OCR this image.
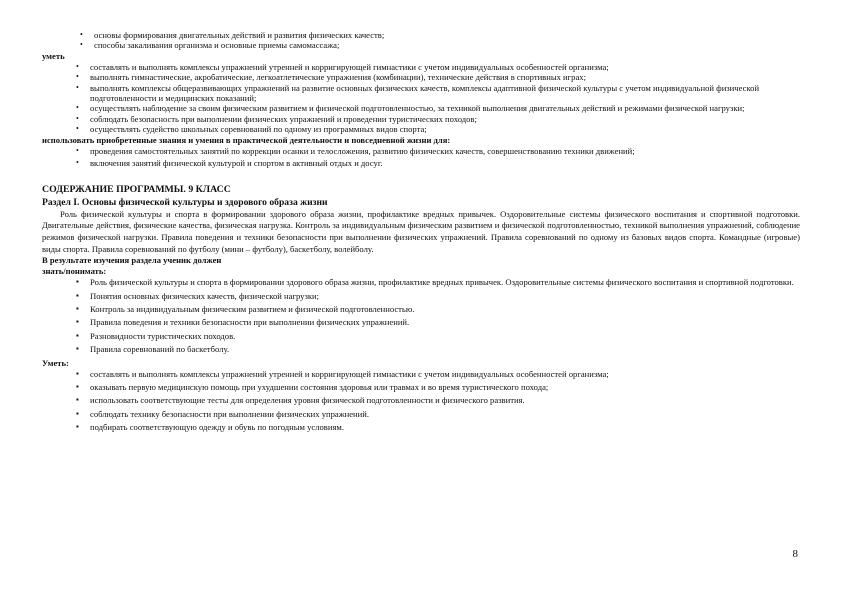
• основы формирования двигательных действий и развития физических качеств;
• способы закаливания организма и основные приемы самомассажа;
уметь
• составлять и выполнять комплексы упражнений утренней и корригирующей гимнастики с учетом индивидуальных особенностей организма;
• выполнять гимнастические, акробатические, легкоатлетические упражнения (комбинации), технические действия в спортивных играх;
• выполнять комплексы общеразвивающих упражнений на развитие основных физических качеств, комплексы адаптивной физической культуры с учетом индивидуальной физической подготовленности и медицинских показаний;
• осуществлять наблюдение за своим физическим развитием и физической подготовленностью, за техникой выполнения двигательных действий и режимами физической нагрузки;
• соблюдать безопасность при выполнении физических упражнений и проведении туристических походов;
• осуществлять судейство школьных соревнований по одному из программных видов спорта;
использовать приобретенные знания и умения в практической деятельности и повседневной жизни для:
• проведения самостоятельных занятий по коррекции осанки и телосложения, развитию физических качеств, совершенствованию техники движений;
• включения занятий физической культурой и спортом в активный отдых и досуг.
СОДЕРЖАНИЕ ПРОГРАММЫ. 9 КЛАСС
Раздел I. Основы физической культуры и здорового образа жизни
Роль физической культуры и спорта в формировании здорового образа жизни, профилактике вредных привычек. Оздоровительные системы физического воспитания и спортивной подготовки. Двигательные действия, физические качества, физическая нагрузка. Контроль за индивидуальным физическим развитием и физической подготовленностью, техникой выполнения упражнений, соблюдение режимов физической нагрузки. Правила поведения и техники безопасности при выполнении физических упражнений. Правила соревнований по одному из базовых видов спорта. Командные (игровые) виды спорта. Правила соревнований по футболу (мини – футболу), баскетболу, волейболу.
В результате изучения раздела ученик должен
знать/понимать:
▪ Роль физической культуры и спорта в формировании здорового образа жизни, профилактике вредных привычек. Оздоровительные системы физического воспитания и спортивной подготовки.
▪ Понятия основных физических качеств, физической нагрузки;
▪ Контроль за индивидуальным физическим развитием и физической подготовленностью.
▪ Правила поведения и техники безопасности при выполнении физических упражнений.
▪ Разновидности туристических походов.
▪ Правила соревнований по баскетболу.
Уметь:
▪ составлять и выполнять комплексы упражнений утренней и корригирующей гимнастики с учетом индивидуальных особенностей организма;
▪ оказывать первую медицинскую помощь при ухудшении состояния здоровья или травмах и во время туристического похода;
▪ использовать соответствующие тесты для определения уровня физической подготовленности и физического развития.
▪ соблюдать технику безопасности при выполнении физических упражнений.
▪ подбирать соответствующую одежду и обувь по погодным условиям.
8
